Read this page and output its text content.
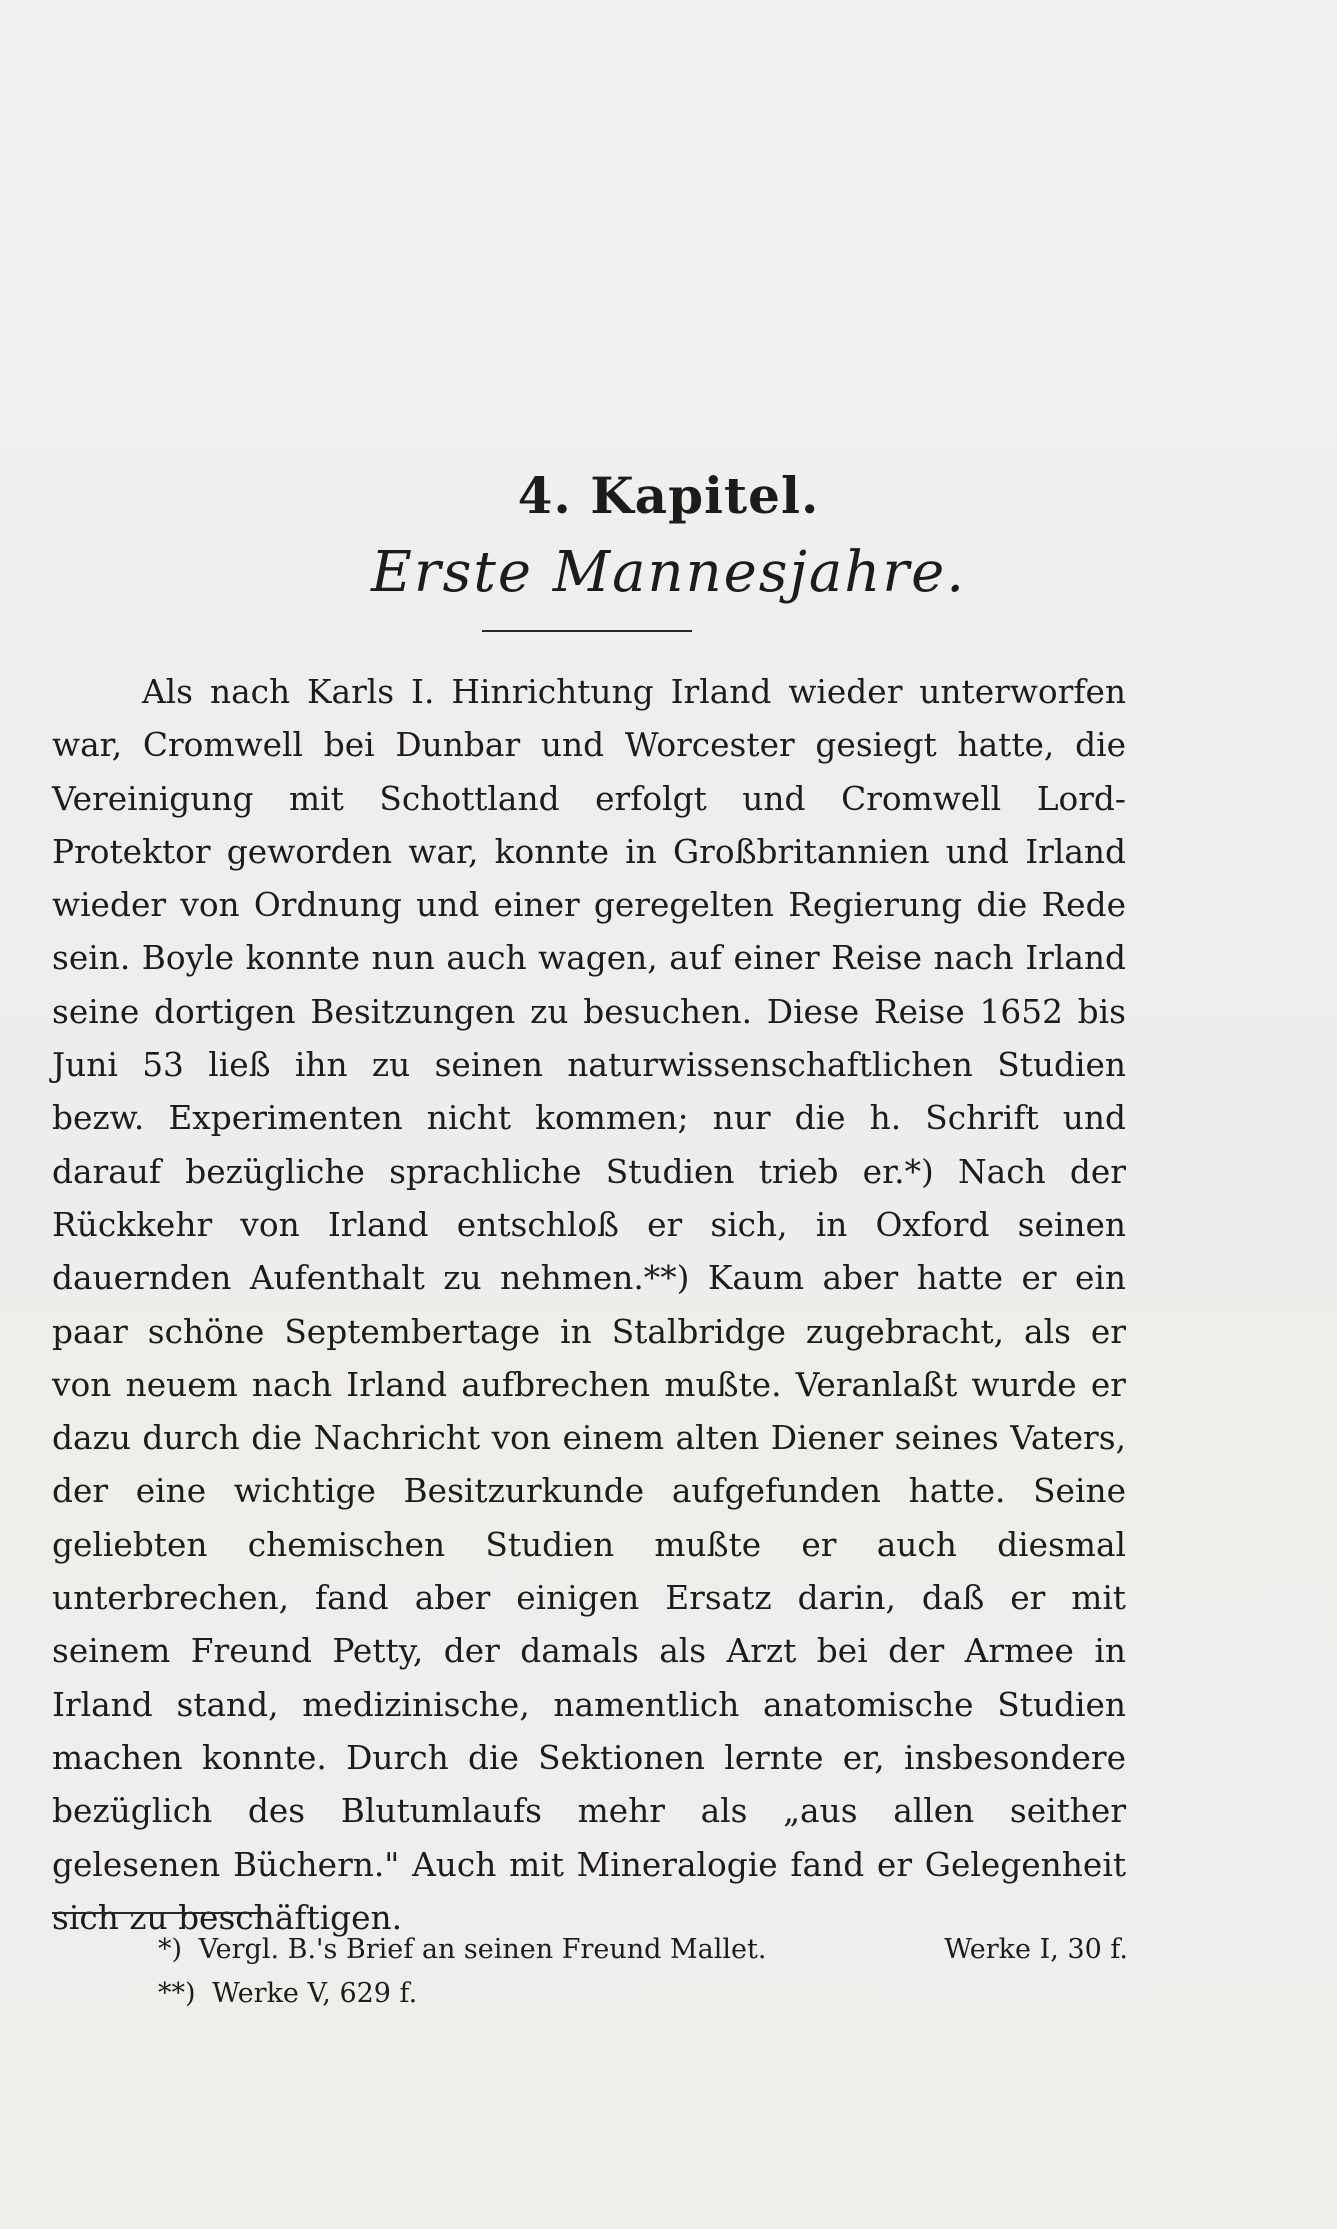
4. Kapitel.
Erste Mannesjahre.

Als nach Karls I. Hinrichtung Irland wieder unterworfen war, Cromwell bei Dunbar und Worcester gesiegt hatte, die Vereinigung mit Schottland erfolgt und Cromwell Lord-Protektor geworden war, konnte in Großbritannien und Irland wieder von Ordnung und einer geregelten Regierung die Rede sein. Boyle konnte nun auch wagen, auf einer Reise nach Irland seine dortigen Besitzungen zu besuchen. Diese Reise 1652 bis Juni 53 ließ ihn zu seinen naturwissenschaftlichen Studien bezw. Experimenten nicht kommen; nur die h. Schrift und darauf bezügliche sprachliche Studien trieb er.*) Nach der Rückkehr von Irland entschloß er sich, in Oxford seinen dauernden Aufenthalt zu nehmen.**) Kaum aber hatte er ein paar schöne Septembertage in Stalbridge zugebracht, als er von neuem nach Irland aufbrechen mußte. Veranlaßt wurde er dazu durch die Nachricht von einem alten Diener seines Vaters, der eine wichtige Besitzurkunde aufgefunden hatte. Seine geliebten chemischen Studien mußte er auch diesmal unterbrechen, fand aber einigen Ersatz darin, daß er mit seinem Freund Petty, der damals als Arzt bei der Armee in Irland stand, medizinische, namentlich anatomische Studien machen konnte. Durch die Sektionen lernte er, insbesondere bezüglich des Blutumlaufs mehr als „aus allen seither gelesenen Büchern." Auch mit Mineralogie fand er Gelegenheit sich zu beschäftigen.

*) Vergl. B.'s Brief an seinen Freund Mallet.	Werke I, 30 f.
**) Werke V, 629 f.
